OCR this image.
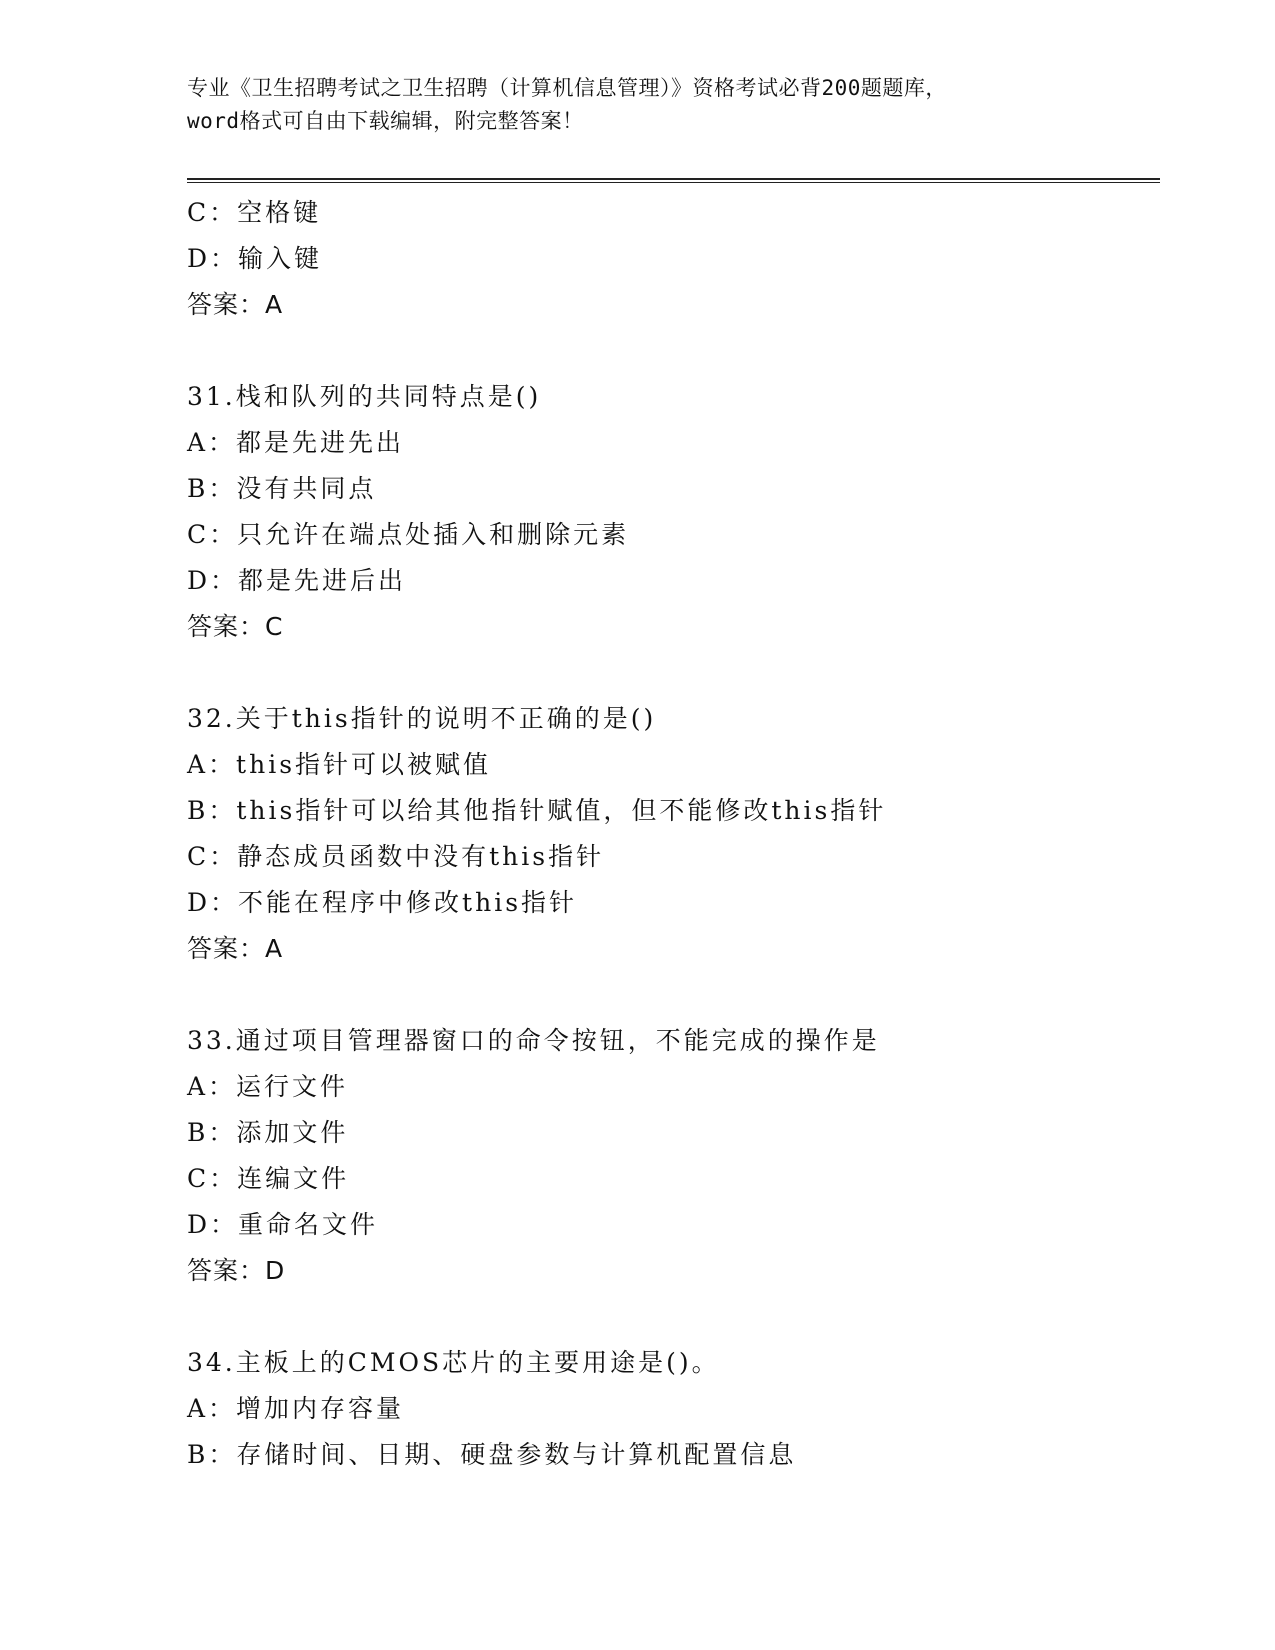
专业《卫生招聘考试之卫生招聘（计算机信息管理）》资格考试必背200题题库，
word格式可自由下载编辑，附完整答案！
C：空格键
D：输入键
答案：A
31.栈和队列的共同特点是()
A：都是先进先出
B：没有共同点
C：只允许在端点处插入和删除元素
D：都是先进后出
答案：C
32.关于this指针的说明不正确的是()
A：this指针可以被赋值
B：this指针可以给其他指针赋值，但不能修改this指针
C：静态成员函数中没有this指针
D：不能在程序中修改this指针
答案：A
33.通过项目管理器窗口的命令按钮，不能完成的操作是
A：运行文件
B：添加文件
C：连编文件
D：重命名文件
答案：D
34.主板上的CMOS芯片的主要用途是()。
A：增加内存容量
B：存储时间、日期、硬盘参数与计算机配置信息
